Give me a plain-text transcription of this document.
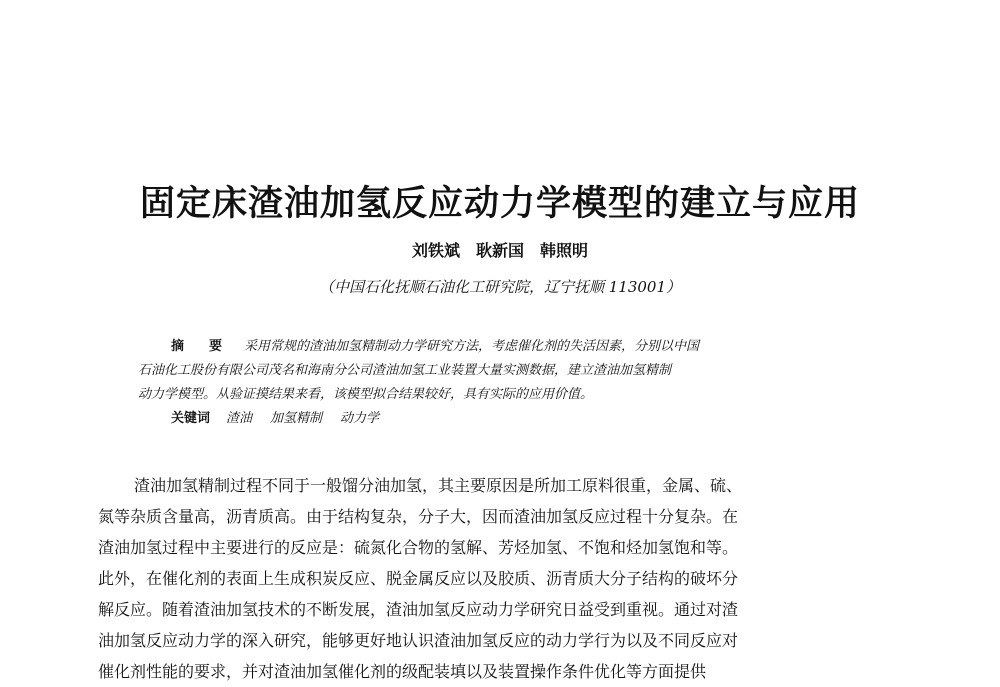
固定床渣油加氢反应动力学模型的建立与应用
刘铁斌　耿新国　韩照明
（中国石化抚顺石油化工研究院，辽宁抚顺 113001）
摘　要 采用常规的渣油加氢精制动力学研究方法，考虑催化剂的失活因素，分别以中国
石油化工股份有限公司茂名和海南分公司渣油加氢工业装置大量实测数据，建立渣油加氢精制
动力学模型。从验证摸结果来看，该模型拟合结果较好，具有实际的应用价值。
关键词 渣油 加氢精制 动力学
渣油加氢精制过程不同于一般馏分油加氢，其主要原因是所加工原料很重，金属、硫、
氮等杂质含量高，沥青质高。由于结构复杂，分子大，因而渣油加氢反应过程十分复杂。在
渣油加氢过程中主要进行的反应是：硫氮化合物的氢解、芳烃加氢、不饱和烃加氢饱和等。
此外，在催化剂的表面上生成积炭反应、脱金属反应以及胶质、沥青质大分子结构的破坏分
解反应。随着渣油加氢技术的不断发展，渣油加氢反应动力学研究日益受到重视。通过对渣
油加氢反应动力学的深入研究，能够更好地认识渣油加氢反应的动力学行为以及不同反应对
催化剂性能的要求，并对渣油加氢催化剂的级配装填以及装置操作条件优化等方面提供
